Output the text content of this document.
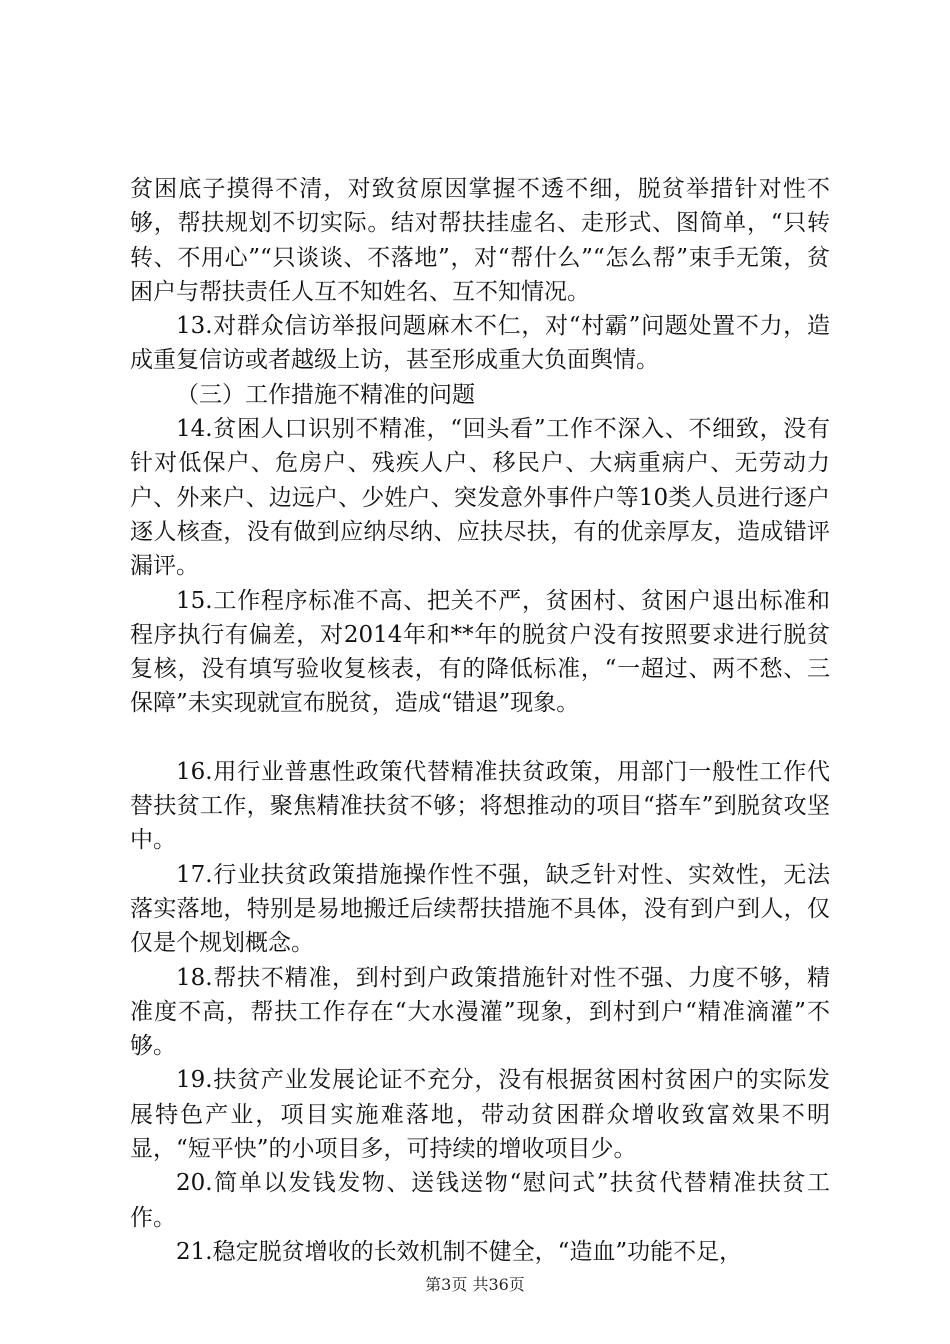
贫困底子摸得不清，对致贫原因掌握不透不细，脱贫举措针对性不够，帮扶规划不切实际。结对帮扶挂虚名、走形式、图简单，“只转转、不用心”“只谈谈、不落地”，对“帮什么”“怎么帮”束手无策，贫困户与帮扶责任人互不知姓名、互不知情况。

13.对群众信访举报问题麻木不仁，对“村霸”问题处置不力，造成重复信访或者越级上访，甚至形成重大负面舆情。

（三）工作措施不精准的问题

14.贫困人口识别不精准，“回头看”工作不深入、不细致，没有针对低保户、危房户、残疾人户、移民户、大病重病户、无劳动力户、外来户、边远户、少姓户、突发意外事件户等10类人员进行逐户逐人核查，没有做到应纳尽纳、应扶尽扶，有的优亲厚友，造成错评漏评。

15.工作程序标准不高、把关不严，贫困村、贫困户退出标准和程序执行有偏差，对2014年和**年的脱贫户没有按照要求进行脱贫复核，没有填写验收复核表，有的降低标准，“一超过、两不愁、三保障”未实现就宣布脱贫，造成“错退”现象。

16.用行业普惠性政策代替精准扶贫政策，用部门一般性工作代替扶贫工作，聚焦精准扶贫不够；将想推动的项目“搭车”到脱贫攻坚中。

17.行业扶贫政策措施操作性不强，缺乏针对性、实效性，无法落实落地，特别是易地搬迁后续帮扶措施不具体，没有到户到人，仅仅是个规划概念。

18.帮扶不精准，到村到户政策措施针对性不强、力度不够，精准度不高，帮扶工作存在“大水漫灌”现象，到村到户“精准滴灌”不够。

19.扶贫产业发展论证不充分，没有根据贫困村贫困户的实际发展特色产业，项目实施难落地，带动贫困群众增收致富效果不明显，“短平快”的小项目多，可持续的增收项目少。

20.简单以发钱发物、送钱送物“慰问式”扶贫代替精准扶贫工作。

21.稳定脱贫增收的长效机制不健全，“造血”功能不足，

第3页 共36页
